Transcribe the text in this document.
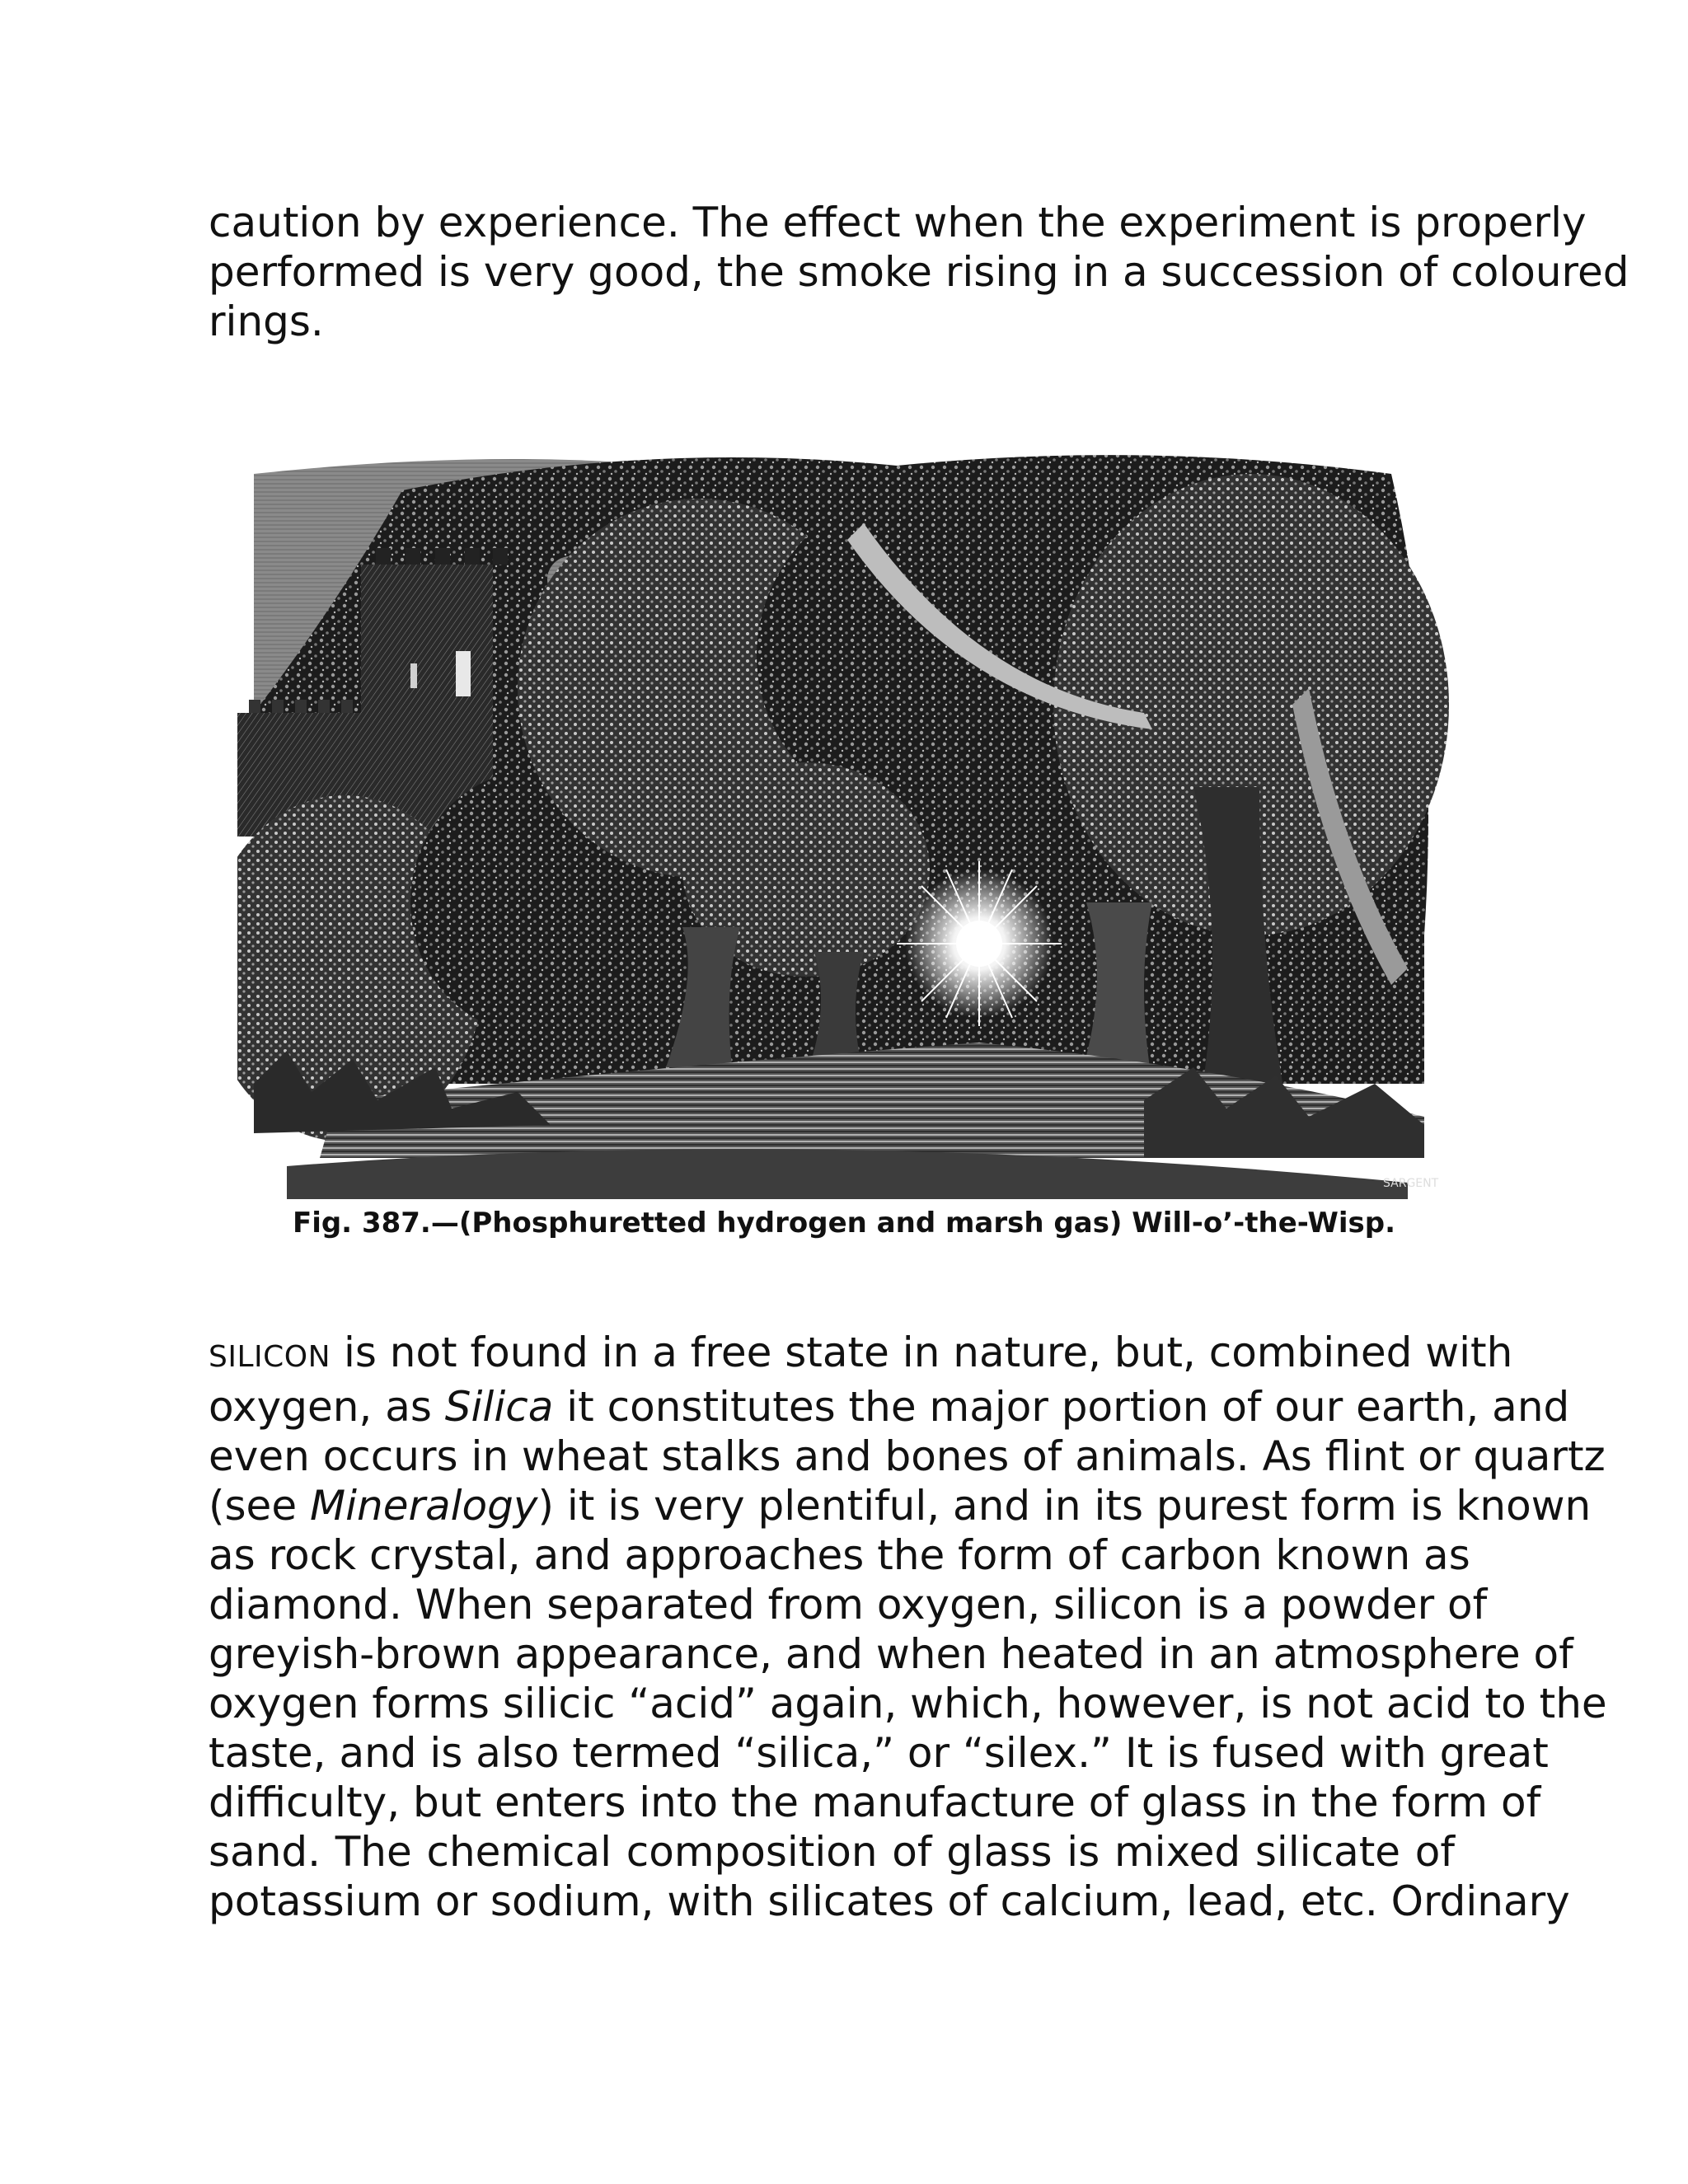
caution by experience. The effect when the experiment is properly
performed is very good, the smoke rising in a succession of coloured
rings.
SARGENT
Fig. 387.—(Phosphuretted hydrogen and marsh gas) Will-o’-the-Wisp.
SILICON is not found in a free state in nature, but, combined with
oxygen, as Silica it constitutes the major portion of our earth, and
even occurs in wheat stalks and bones of animals. As flint or quartz
(see Mineralogy) it is very plentiful, and in its purest form is known
as rock crystal, and approaches the form of carbon known as
diamond. When separated from oxygen, silicon is a powder of
greyish-brown appearance, and when heated in an atmosphere of
oxygen forms silicic “acid” again, which, however, is not acid to the
taste, and is also termed “silica,” or “silex.” It is fused with great
difficulty, but enters into the manufacture of glass in the form of
sand. The chemical composition of glass is mixed silicate of
potassium or sodium, with silicates of calcium, lead, etc. Ordinary
